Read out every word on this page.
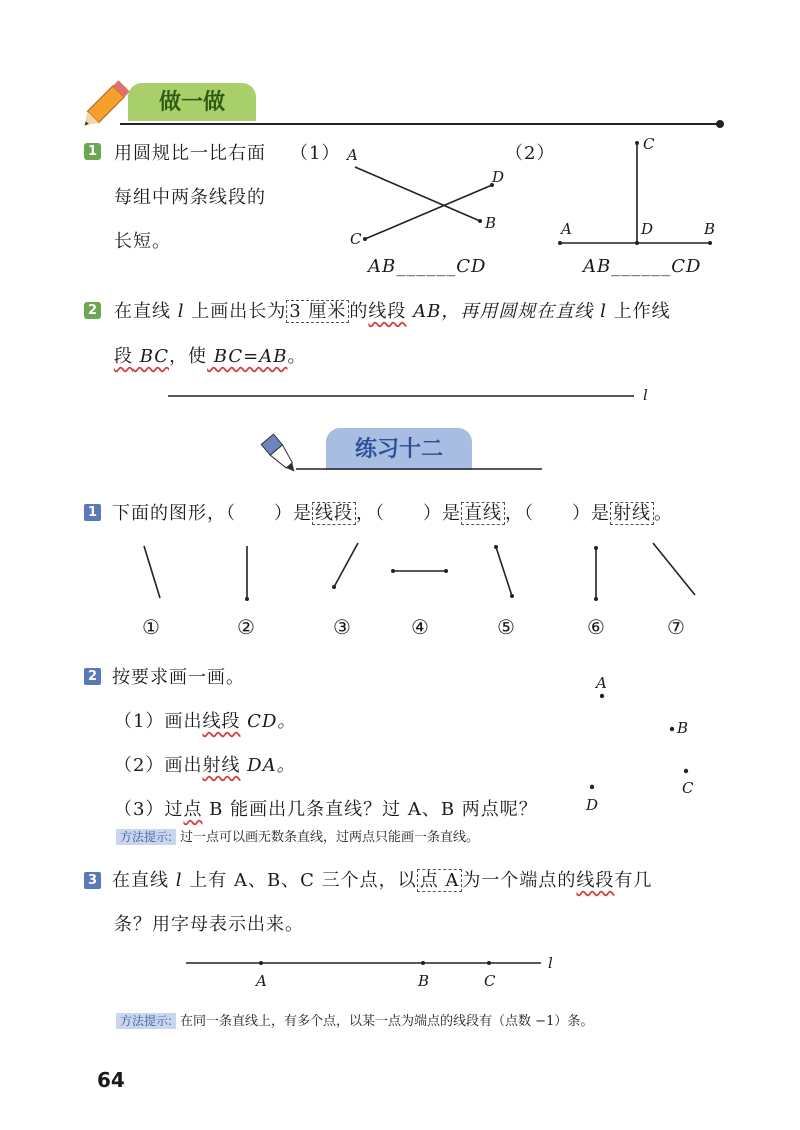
做一做
1 用圆规比一比右面
每组中两条线段的
长短。
（1）	（2）
A
D
B
C
AB______CD
C
A	D	B
AB______CD
2 在直线 l 上画出长为 3 厘米 的线段 AB，再用圆规在直线 l 上作线
段 BC，使 BC=AB。
l
练习十二
1 下面的图形，（　　）是 线段 ，（　　）是 直线 ，（　　）是 射线 。
①	②	③	④	⑤	⑥	⑦
2 按要求画一画。
（1）画出线段 CD。
（2）画出射线 DA。
（3）过点 B 能画出几条直线？过 A、B 两点呢？
方法提示: 过一点可以画无数条直线，过两点只能画一条直线。
A
B
C
D
3 在直线 l 上有 A、B、C 三个点，以 点 A 为一个端点的线段有几
条？用字母表示出来。
A	B	C
l
方法提示: 在同一条直线上，有多个点，以某一点为端点的线段有（点数 −1）条。
64
